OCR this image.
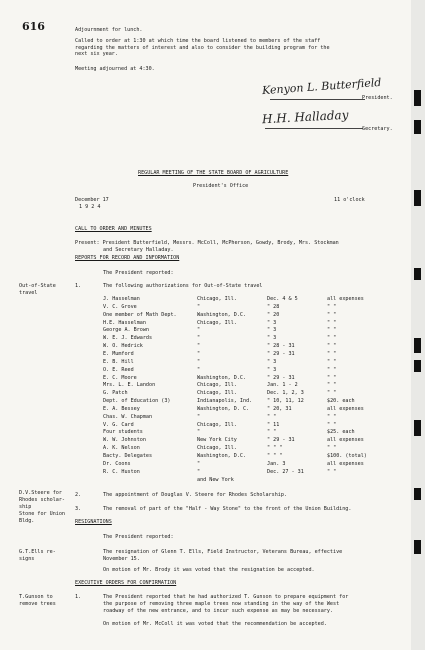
616	Adjournment for lunch.
Called to order at 1:30 at which time the board listened to members of the staff
regarding the matters of interest and also to consider the building program for the
next six year.
Meeting adjourned at 4:30.
Kenyon L. Butterfield
President.
H.H. Halladay
Secretary.
REGULAR MEETING OF THE STATE BOARD OF AGRICULTURE
President's Office
December 17
1 9 2 4
11 o'clock
CALL TO ORDER AND MINUTES
Present: President Butterfield, Messrs. McColl, McPherson, Gowdy, Brody, Mrs. Stockman
and Secretary Halladay.
REPORTS FOR RECORD AND INFORMATION
The President reported:
Out-of-State
travel
1.	The following authorizations for Out-of-State travel
J. Hasselman	Chicago, Ill.	Dec. 4 & 5	all expenses
V. C. Grove	"	" 28	" "
One member of Math Dept.	Washington, D.C.	" 20	" "
H.E. Hasselman	Chicago, Ill.	" 3	" "
George A. Brown	"	" 3	" "
W. E. J. Edwards	"	" 3	" "
W. O. Hedrick	"	" 28 - 31	" "
E. Mumford	"	" 29 - 31	" "
E. B. Hill	"	" 3	" "
O. E. Reed	"	" 3	" "
E. C. Moore	Washington, D.C.	" 29 - 31	" "
Mrs. L. E. Landon	Chicago, Ill.	Jan. 1 - 2	" "
G. Patch	Chicago, Ill.	Dec. 1, 2, 3	" "
Dept. of Education (3)	Indianapolis, Ind.	" 10, 11, 12	$20. each
E. A. Bessey	Washington, D. C.	" 20, 31	all expenses
Chas. W. Chapman	"	" "	" "
V. G. Card	Chicago, Ill.	" 11	" "
Four students	"	" "	$25. each
W. W. Johnston	New York City	" 29 - 31	all expenses
A. K. Nelson	Chicago, Ill.	" " "	" "
Bacty. Delegates	Washington, D.C.	" " "	$100. (total)
Dr. Coons	"	Jan. 3	all expenses
R. C. Huston	"	Dec. 27 - 31	" "
and New York
D.V.Steere for
Rhodes scholar-
ship
2.	The appointment of Douglas V. Steere for Rhodes Scholarship.
Stone for Union
Bldg.
3.	The removal of part of the "Half - Way Stone" to the front of the Union Building.
RESIGNATIONS
The President reported:
G.T.Ells re-
signs
The resignation of Glenn T. Ells, Field Instructor, Veterans Bureau, effective
November 15.
On motion of Mr. Brody it was voted that the resignation be accepted.
EXECUTIVE ORDERS FOR CONFIRMATION
T.Gunson to
remove trees
1.	The President reported that he had authorized T. Gunson to prepare equipment for
the purpose of removing three maple trees now standing in the way of the West
roadway of the new entrance, and to incur such expense as may be necessary.
On motion of Mr. McColl it was voted that the recommendation be accepted.
